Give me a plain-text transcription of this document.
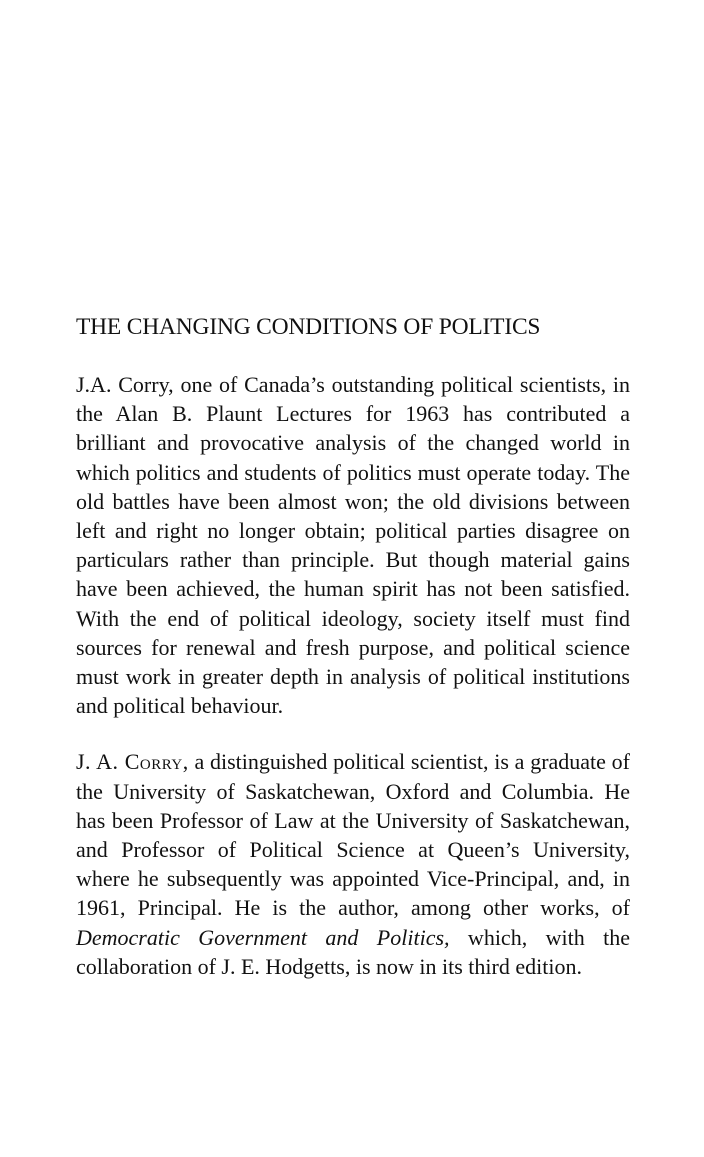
THE CHANGING CONDITIONS OF POLITICS

J.A. Corry, one of Canada’s outstanding political scientists, in the Alan B. Plaunt Lectures for 1963 has contributed a brilliant and provocative analysis of the changed world in which politics and students of politics must operate today. The old battles have been almost won; the old divisions between left and right no longer obtain; political parties disagree on particulars rather than principle. But though material gains have been achieved, the human spirit has not been satisfied. With the end of political ideology, society itself must find sources for renewal and fresh purpose, and political science must work in greater depth in analysis of political institutions and political behaviour.

J. A. Corry, a distinguished political scientist, is a graduate of the University of Saskatchewan, Oxford and Columbia. He has been Professor of Law at the University of Saskatchewan, and Professor of Political Science at Queen’s University, where he subsequently was appointed Vice-Principal, and, in 1961, Principal. He is the author, among other works, of Democratic Government and Politics, which, with the collaboration of J. E. Hodgetts, is now in its third edition.
